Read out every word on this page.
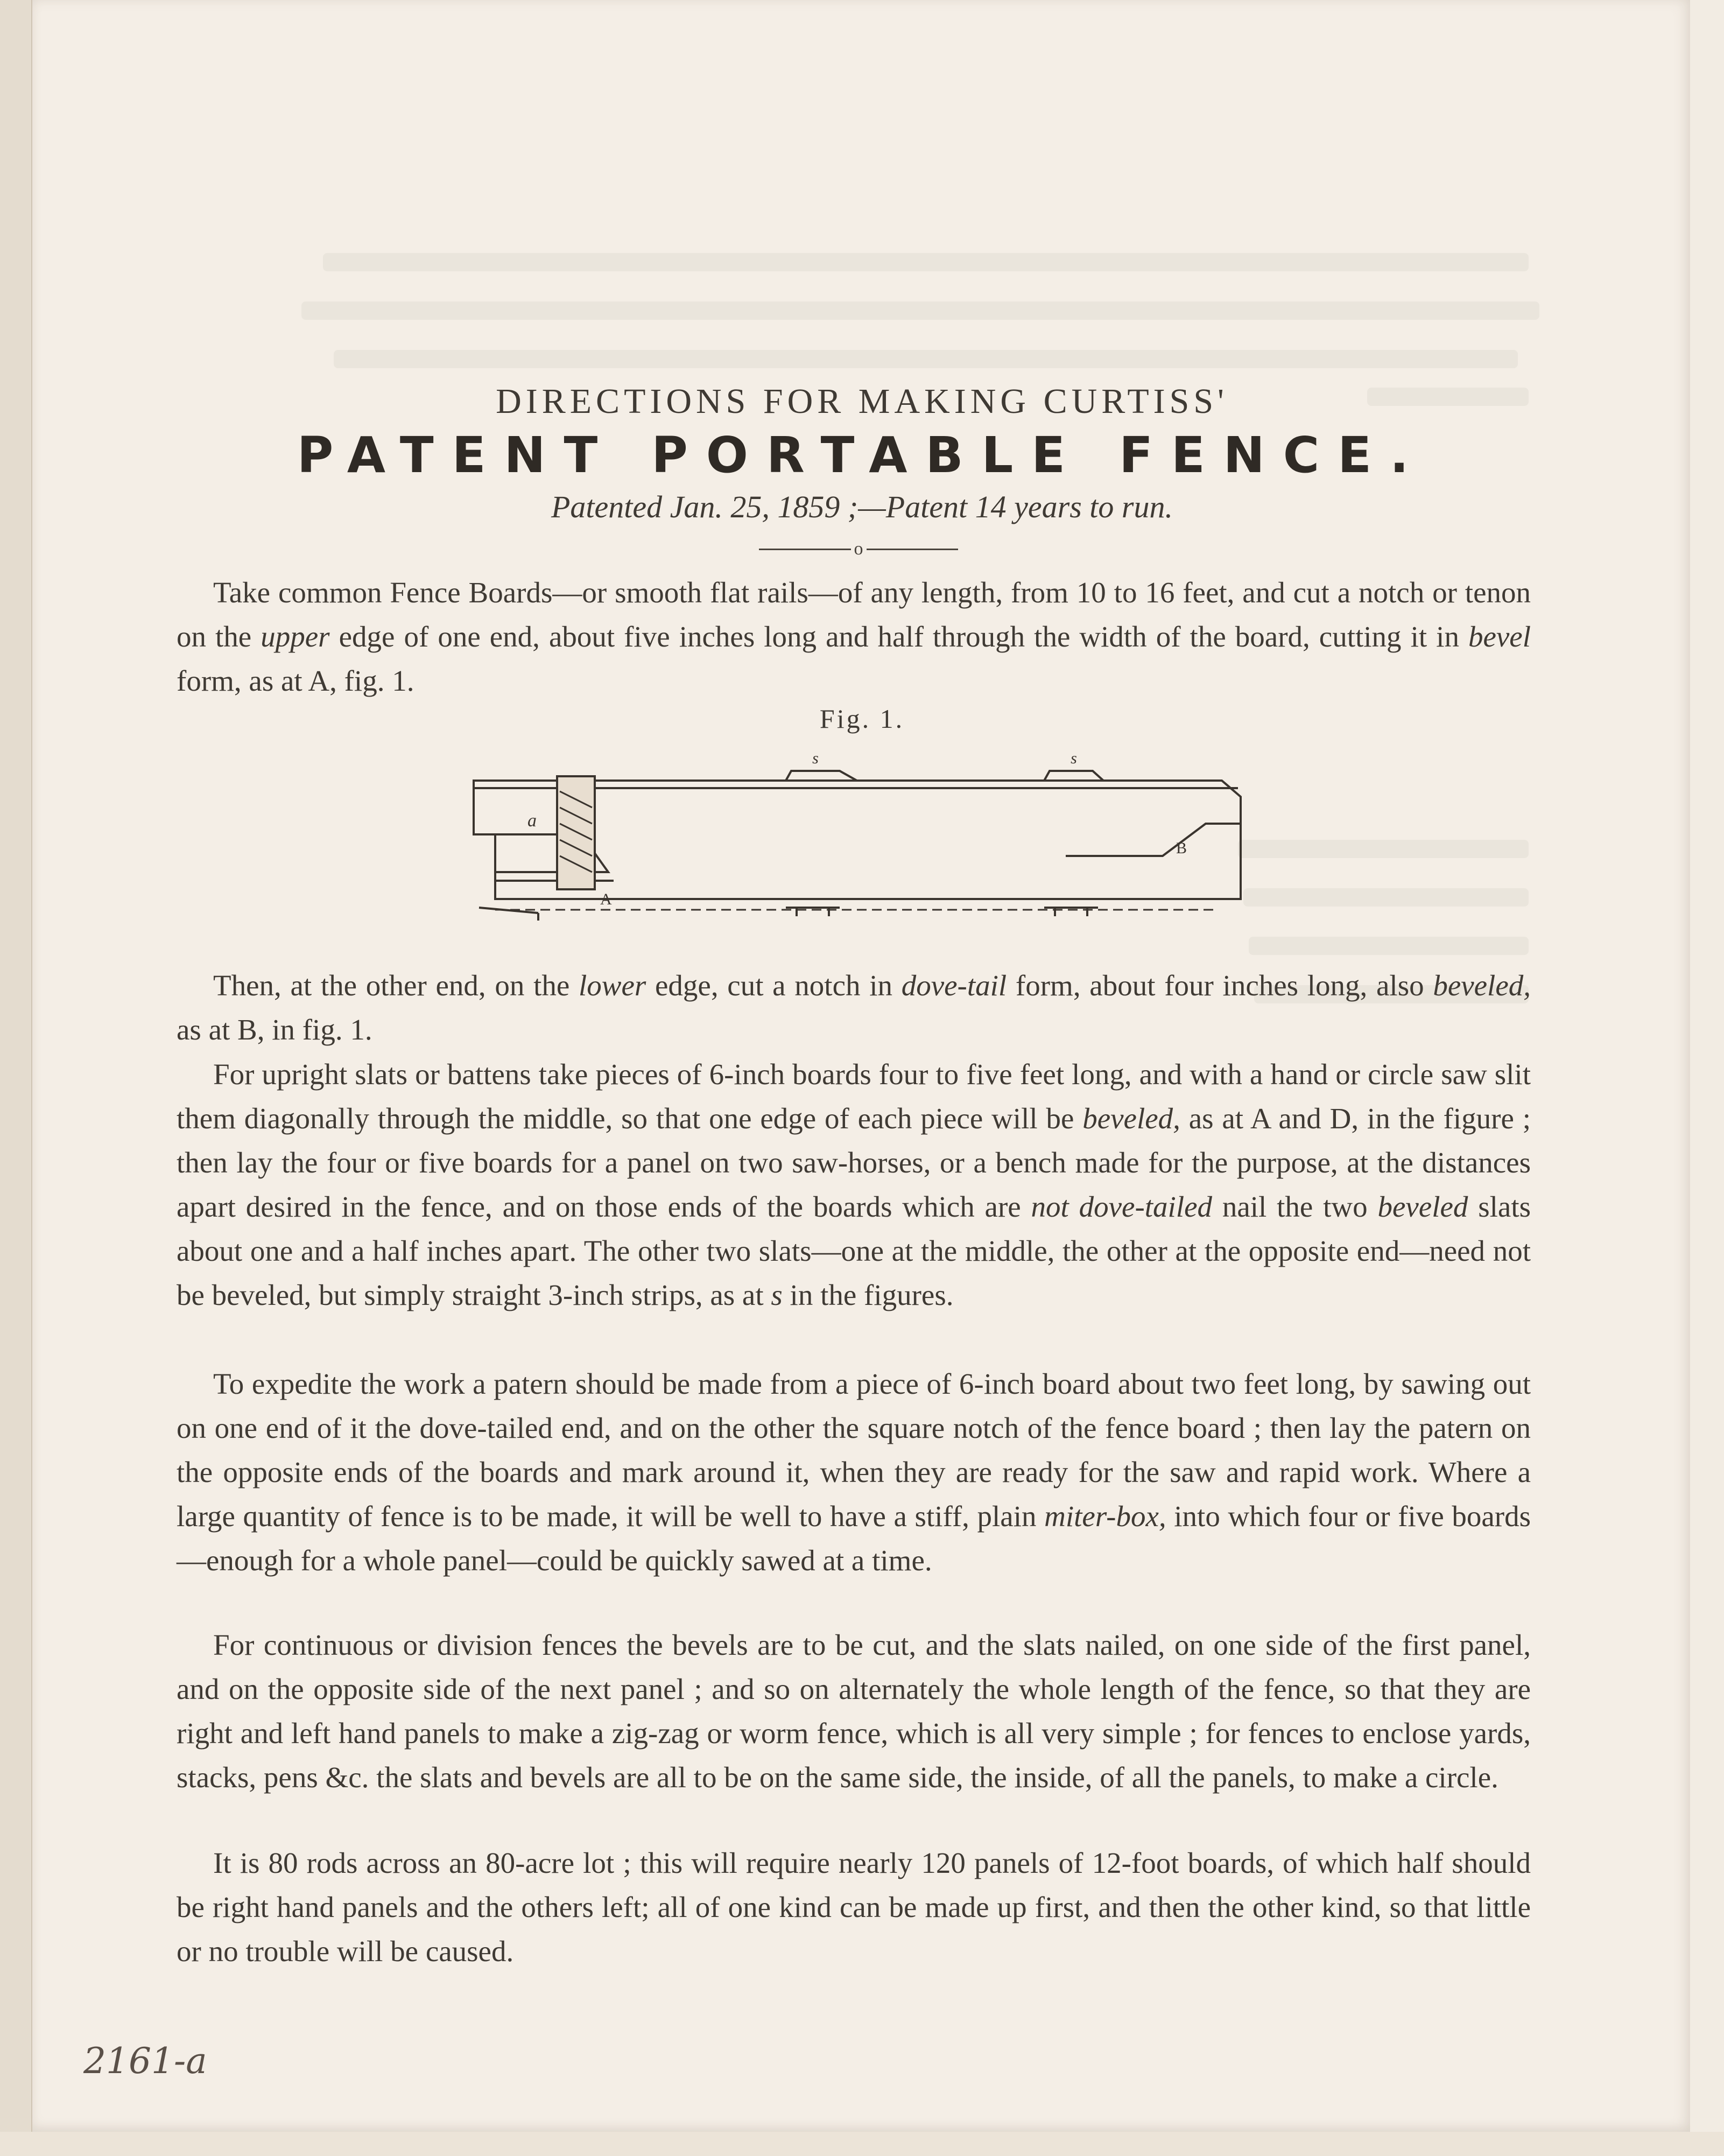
DIRECTIONS FOR MAKING CURTISS'
PATENT PORTABLE FENCE.
Patented Jan. 25, 1859 ;—Patent 14 years to run.
o

Take common Fence Boards—or smooth flat rails—of any length, from 10 to 16 feet, and cut a notch or tenon on the upper edge of one end, about five inches long and half through the width of the board, cutting it in bevel form, as at A, fig. 1.

Fig. 1.
s	s
a
A
B

Then, at the other end, on the lower edge, cut a notch in dove-tail form, about four inches long, also beveled, as at B, in fig. 1.

For upright slats or battens take pieces of 6-inch boards four to five feet long, and with a hand or circle saw slit them diagonally through the middle, so that one edge of each piece will be beveled, as at A and D, in the figure ; then lay the four or five boards for a panel on two saw-horses, or a bench made for the purpose, at the distances apart desired in the fence, and on those ends of the boards which are not dove-tailed nail the two beveled slats about one and a half inches apart. The other two slats—one at the middle, the other at the opposite end—need not be beveled, but simply straight 3-inch strips, as at s in the figures.

To expedite the work a patern should be made from a piece of 6-inch board about two feet long, by sawing out on one end of it the dove-tailed end, and on the other the square notch of the fence board ; then lay the patern on the opposite ends of the boards and mark around it, when they are ready for the saw and rapid work. Where a large quantity of fence is to be made, it will be well to have a stiff, plain miter-box, into which four or five boards—enough for a whole panel—could be quickly sawed at a time.

For continuous or division fences the bevels are to be cut, and the slats nailed, on one side of the first panel, and on the opposite side of the next panel ; and so on alternately the whole length of the fence, so that they are right and left hand panels to make a zig-zag or worm fence, which is all very simple ; for fences to enclose yards, stacks, pens &c. the slats and bevels are all to be on the same side, the inside, of all the panels, to make a circle.

It is 80 rods across an 80-acre lot ; this will require nearly 120 panels of 12-foot boards, of which half should be right hand panels and the others left; all of one kind can be made up first, and then the other kind, so that little or no trouble will be caused.

2161-a
